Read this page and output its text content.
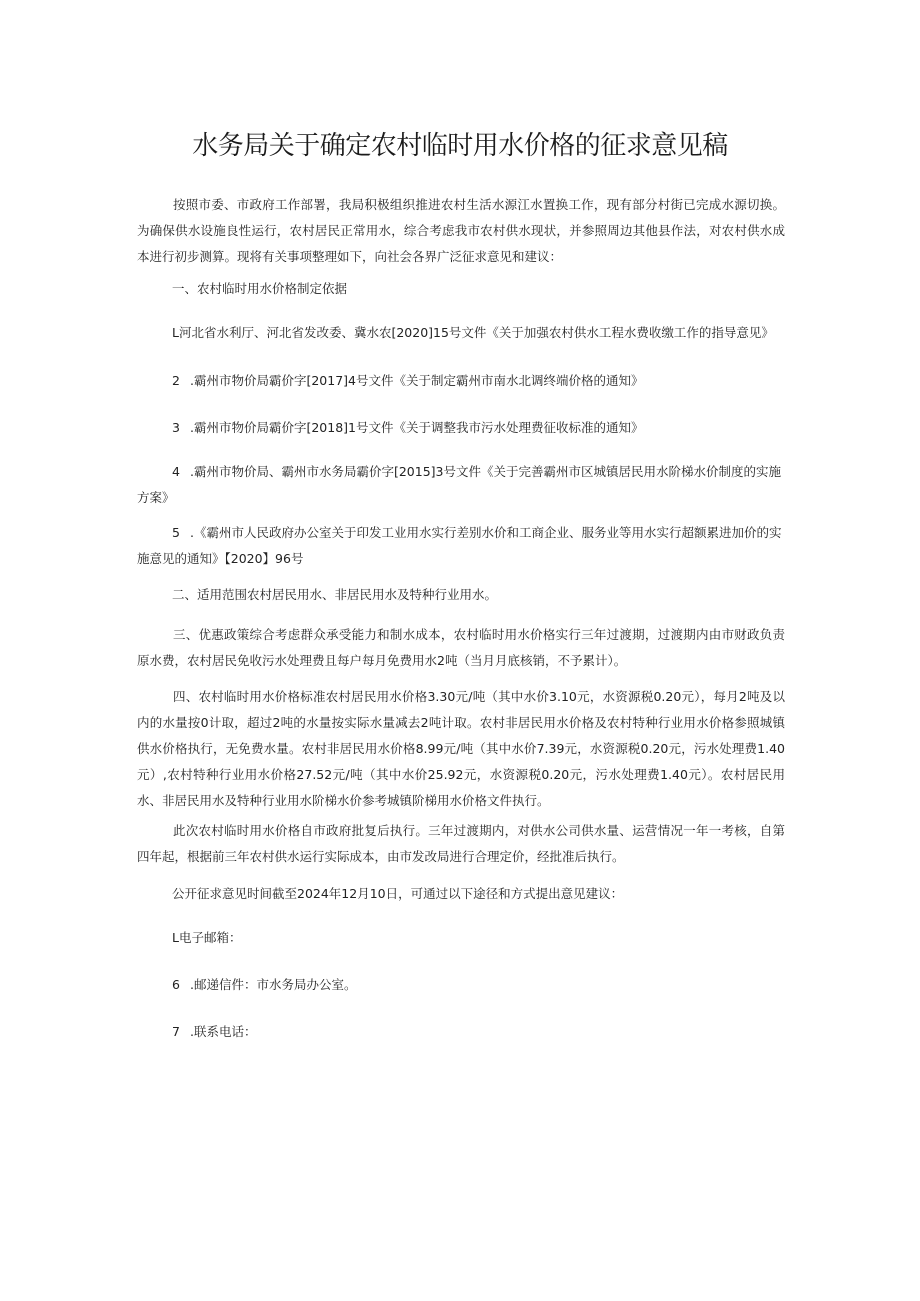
水务局关于确定农村临时用水价格的征求意见稿
按照市委、市政府工作部署，我局积极组织推进农村生活水源江水置换工作，现有部分村街已完成水源切换。为确保供水设施良性运行，农村居民正常用水，综合考虑我市农村供水现状，并参照周边其他县作法，对农村供水成本进行初步测算。现将有关事项整理如下，向社会各界广泛征求意见和建议：
一、农村临时用水价格制定依据
L河北省水利厅、河北省发改委、冀水农[2020]15号文件《关于加强农村供水工程水费收缴工作的指导意见》
2 .霸州市物价局霸价字[2017]4号文件《关于制定霸州市南水北调终端价格的通知》
3 .霸州市物价局霸价字[2018]1号文件《关于调整我市污水处理费征收标准的通知》
4 .霸州市物价局、霸州市水务局霸价字[2015]3号文件《关于完善霸州市区城镇居民用水阶梯水价制度的实施方案》
5 .《霸州市人民政府办公室关于印发工业用水实行差别水价和工商企业、服务业等用水实行超额累进加价的实施意见的通知》【2020】96号
二、适用范围农村居民用水、非居民用水及特种行业用水。
三、优惠政策综合考虑群众承受能力和制水成本，农村临时用水价格实行三年过渡期，过渡期内由市财政负责原水费，农村居民免收污水处理费且每户每月免费用水2吨（当月月底核销，不予累计）。
四、农村临时用水价格标准农村居民用水价格3.30元/吨（其中水价3.10元，水资源税0.20元），每月2吨及以内的水量按0计取，超过2吨的水量按实际水量减去2吨计取。农村非居民用水价格及农村特种行业用水价格参照城镇供水价格执行，无免费水量。农村非居民用水价格8.99元/吨（其中水价7.39元，水资源税0.20元，污水处理费1.40元）,农村特种行业用水价格27.52元/吨（其中水价25.92元，水资源税0.20元，污水处理费1.40元）。农村居民用水、非居民用水及特种行业用水阶梯水价参考城镇阶梯用水价格文件执行。
此次农村临时用水价格自市政府批复后执行。三年过渡期内，对供水公司供水量、运营情况一年一考核，自第四年起，根据前三年农村供水运行实际成本，由市发改局进行合理定价，经批准后执行。
公开征求意见时间截至2024年12月10日，可通过以下途径和方式提出意见建议：
L电子邮箱：
6 .邮递信件：市水务局办公室。
7 .联系电话：
